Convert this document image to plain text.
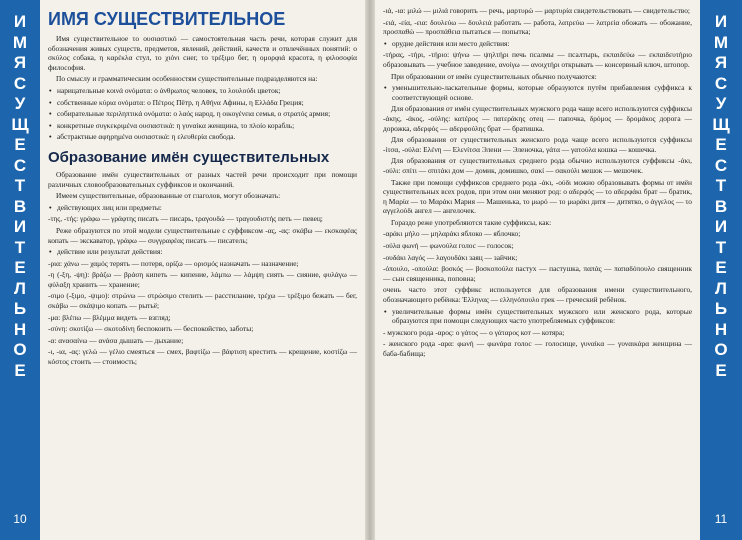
И
М
Я
С
У
Щ
Е
С
Т
В
И
Т
Е
Л
Ь
Н
О
Е
10
ИМЯ СУЩЕСТВИТЕЛЬНОЕ
Имя существительное το ουσιαστικό — самостоятельная часть речи, которая служит для обозначения живых существ, предметов, явлений, действий, качеств и отвлечённых понятий: ο σκύλος собака, η καρέκλα стул, το χιόνι снег, το τρέξιμο бег, η ομορφιά красота, η φιλοσοφία философия.
По смыслу и грамматическим особенностям существительные подразделяются на:
• нарицательные κοινά ονόματα: ο άνθρωπος человек, το λουλούδι цветок;
• собственные κύρια ονόματα: ο Πέτρος Пётр, η Αθήνα Афины, η Ελλάδα Греция;
• собирательные περιληπτικά ονόματα: ο λαός народ, η οικογένεια семья, ο στρατός армия;
• конкретные συγκεκριμένα ουσιαστικά: η γυναίκα женщина, το πλοίο корабль;
• абстрактные αφηρημένα ουσιαστικά: η ελευθερία свобода.
Образование имён существительных
Образование имён существительных от разных частей речи происходит при помощи различных словообразовательных суффиксов и окончаний.
Имеем существительные, образованные от глаголов, могут обозначать:
• действующих лиц или предметы:
-της, -τής: γράφω — γράφτης писать — писарь, τραγουδώ — τραγουδιστής петь — певец;
Реже образуются по этой модели существительные с суффиксом -ας, -ας: σκάβω — εκσκαφέας копать — экскаватор, γράφω — συγγραφέας писать — писатель;
• действие или результат действия:
-ρια: χάνω — χαμός терять — потеря, ορίζω — ορισμός назначать — назначение;
-η (-ξη, -ψη): βράζω — βράση кипеть — кипение, λάμπω — λάμψη сиять — сияние, φυλάγω — φύλαξη хранить — хранение;
-σιμο (-ξιμο, -ψιμο): στρώνω — στρώσιμο стелить — расстилание, τρέχω — τρέξιμο бежать — бег, σκάβω — σκάψιμο копать — рытьё;
-μα: βλέπω — βλέμμα видеть — взгляд;
-σύνη: σκοτίζω — σκοτοδίνη беспокоить — беспокойство, заботы;
-α: ανασαίνω — ανάσα дышать — дыхание;
-ι, -ια, -ας: γελώ — γέλιο смеяться — смех, βαφτίζω — βάφτιση крестить — крещение, κοστίζω — κόστος стоить — стоимость;
-ιά, -ια: μιλώ — μιλιά говорить — речь, μαρτυρώ — μαρτυρία свидетельствовать — свидетельство;
-ειά, -εία, -εια: δουλεύω — δουλειά работать — работа, λατρεύω — λατρεία обожать — обожание, προσπαθώ — προσπάθεια пытаться — попытка;
• орудие действия или место действия:
-τήρας, -τήρι, -τήριο: ψήνω — ψηλτήρι печь псалмы — псалтырь, εκπαιδεύω — εκπαιδευτήριο образовывать — учебное заведение, ανοίγω — ανοιχτήρι открывать — консервный ключ, штопор.
При образовании от имён существительных обычно получаются:
• уменьшительно-ласкательные формы, которые образуются путём прибавления суффикса к соответствующей основе.
Для образования от имён существительных мужского рода чаще всего используются суффиксы -άκης, -άκος, -ούλης: κατέρος — πατεράκης отец — папочка, δρόμος — δρομάκος дорога — дорожка, αδερφός — αδερφούλης брат — братишка.
Для образования от существительных женского рода чаще всего используются суффиксы -ίτσα, -ούλα: Ελένη — Ελενίτσα Элени — Эленочка, γάτα — γατούλα кошка — кошечка.
Для образования от существительных среднего рода обычно используются суффиксы -άκι, -ούλι: σπίτι — σπιτάκι дом — домик, домишко, σακί — σακούλι мешок — мешочек.
Также при помощи суффиксов среднего рода -άκι, -ούδι можно образовывать формы от имён существительных всех родов, при этом они меняют род: ο αδερφός — το αδερφάκι брат — братик, η Μαρία — το Μαράκι Мария — Машенька, το μωρό — το μωράκι дитя — дитятко, ο άγγελος — το αγγελούδι ангел — ангелочек.
Гораздо реже употребляются такие суффиксы, как:
-αράκι μήλο — μηλαράκι яблоко — яблочко;
-ούλα φωνή — φωνούλα голос — голосок;
-ουδάκι λαγός — λαγουδάκι заяц — зайчик;
-όπουλο, -οπούλα: βοσκός — βοσκοπούλα пастух — пастушка, παπάς — παπαδόπουλο священник — сын священника, поповна;
очень часто этот суффикс используется для образования имени существительного, обозначающего ребёнка: Έλληνας — ελληνόπουλο грек — греческий ребёнок.
• увеличительные формы имён существительных мужского или женского рода, которые образуются при помощи следующих часто употребляемых суффиксов:
- мужского рода -αρος: ο γάτος — ο γάταρος кот — котяра;
- женского рода -αρα: φωνή — φωνάρα голос — голосище, γυναίκα — γυναικάρα женщина — баба-бабища;
И
М
Я
С
У
Щ
Е
С
Т
В
И
Т
Е
Л
Ь
Н
О
Е
11
